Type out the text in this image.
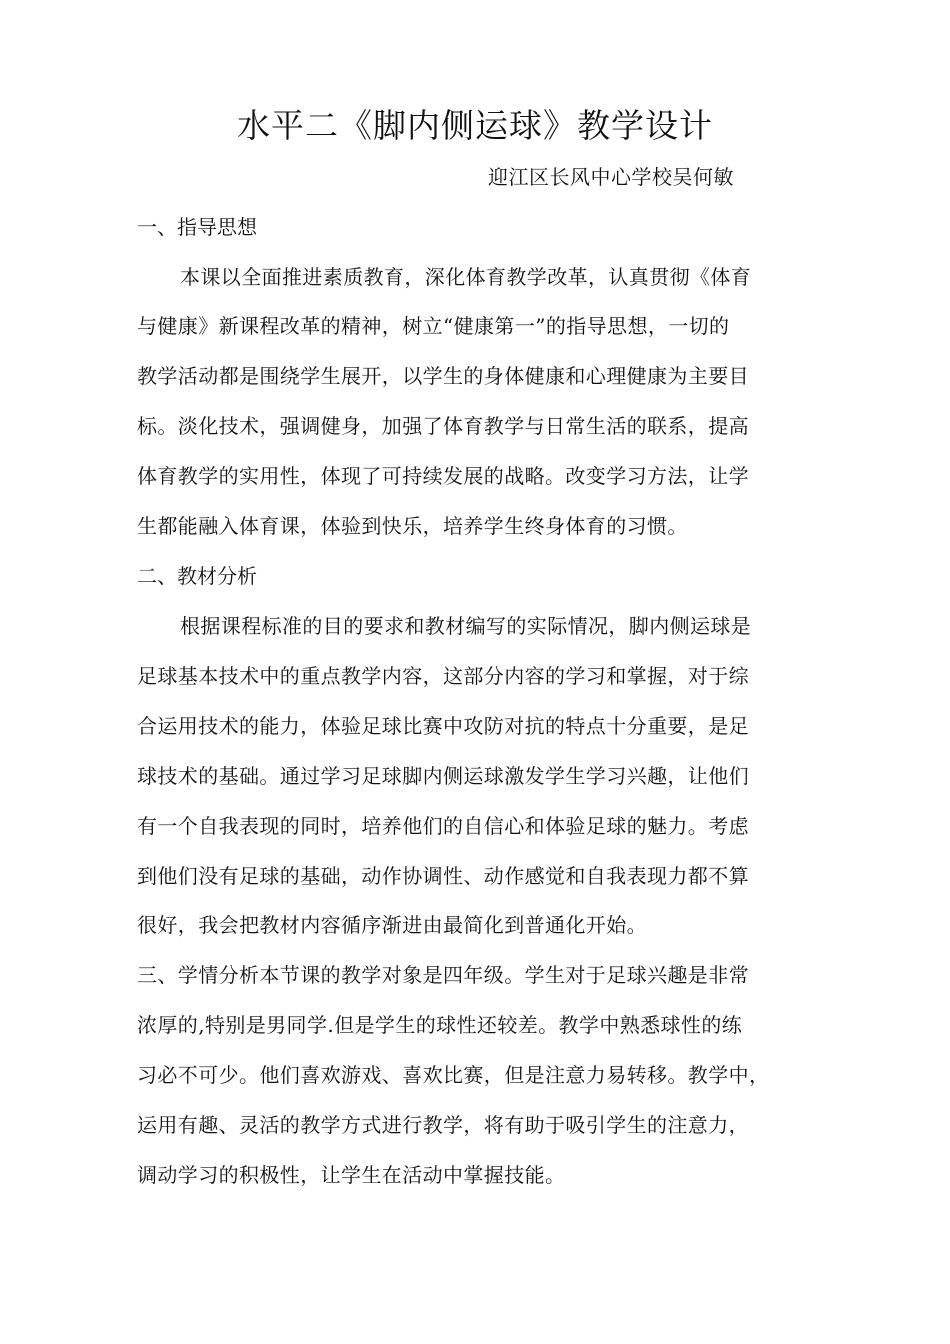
水平二《脚内侧运球》教学设计

迎江区长风中心学校吴何敏

一、指导思想

本课以全面推进素质教育，深化体育教学改革，认真贯彻《体育

与健康》新课程改革的精神，树立“健康第一”的指导思想，一切的

教学活动都是围绕学生展开，以学生的身体健康和心理健康为主要目

标。淡化技术，强调健身，加强了体育教学与日常生活的联系，提高

体育教学的实用性，体现了可持续发展的战略。改变学习方法，让学

生都能融入体育课，体验到快乐，培养学生终身体育的习惯。

二、教材分析

根据课程标准的目的要求和教材编写的实际情况，脚内侧运球是

足球基本技术中的重点教学内容，这部分内容的学习和掌握，对于综

合运用技术的能力，体验足球比赛中攻防对抗的特点十分重要，是足

球技术的基础。通过学习足球脚内侧运球激发学生学习兴趣，让他们

有一个自我表现的同时，培养他们的自信心和体验足球的魅力。考虑

到他们没有足球的基础，动作协调性、动作感觉和自我表现力都不算

很好，我会把教材内容循序渐进由最简化到普通化开始。

三、学情分析本节课的教学对象是四年级。学生对于足球兴趣是非常

浓厚的,特别是男同学.但是学生的球性还较差。教学中熟悉球性的练

习必不可少。他们喜欢游戏、喜欢比赛，但是注意力易转移。教学中，

运用有趣、灵活的教学方式进行教学，将有助于吸引学生的注意力，

调动学习的积极性，让学生在活动中掌握技能。
